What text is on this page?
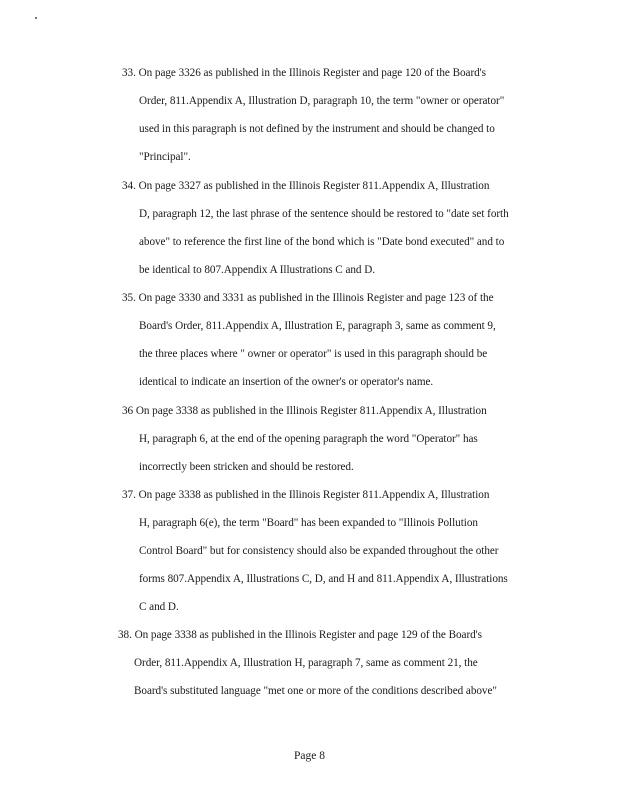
33. On page 3326 as published in the Illinois Register and page 120 of the Board's
Order, 811.Appendix A, Illustration D, paragraph 10, the term "owner or operator"
used in this paragraph is not defined by the instrument and should be changed to
"Principal".
34. On page 3327 as published in the Illinois Register 811.Appendix A, Illustration
D, paragraph 12, the last phrase of the sentence should be restored to "date set forth
above" to reference the first line of the bond which is "Date bond executed" and to
be identical to 807.Appendix A Illustrations C and D.
35. On page 3330 and 3331 as published in the Illinois Register and page 123 of the
Board's Order, 811.Appendix A, Illustration E, paragraph 3, same as comment 9,
the three places where " owner or operator" is used in this paragraph should be
identical to indicate an insertion of the owner's or operator's name.
36 On page 3338 as published in the Illinois Register 811.Appendix A, Illustration
H, paragraph 6, at the end of the opening paragraph the word "Operator" has
incorrectly been stricken and should be restored.
37. On page 3338 as published in the Illinois Register 811.Appendix A, Illustration
H, paragraph 6(e), the term "Board" has been expanded to "Illinois Pollution
Control Board" but for consistency should also be expanded throughout the other
forms 807.Appendix A, Illustrations C, D, and H and 811.Appendix A, Illustrations
C and D.
38. On page 3338 as published in the Illinois Register and page 129 of the Board's
Order, 811.Appendix A, Illustration H, paragraph 7, same as comment 21, the
Board's substituted language "met one or more of the conditions described above"
Page 8
